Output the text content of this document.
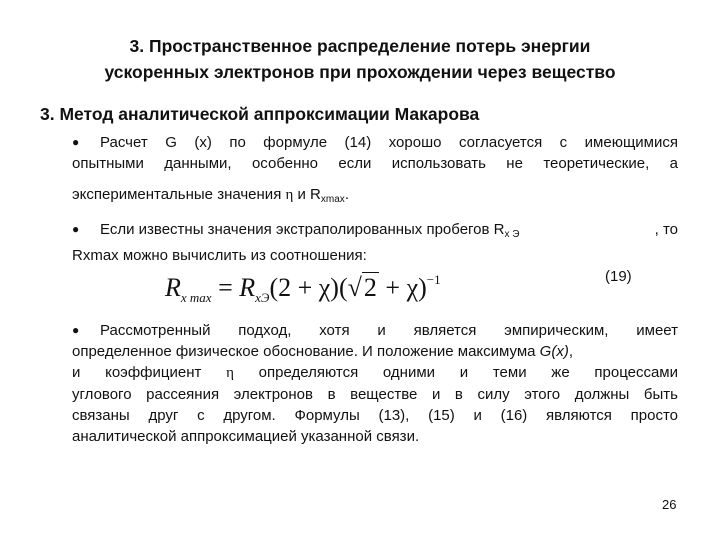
3. Пространственное распределение потерь энергии
ускоренных электронов при прохождении через вещество
3. Метод аналитической аппроксимации Макарова
● Расчет G (x) по формуле (14) хорошо согласуется с имеющимися
опытными данными, особенно если использовать не теоретические, а
экспериментальные значения η и $R_{xmax}$.
● Если известны значения экстраполированных пробегов $R_{x Э}$	, то
Rxmax можно вычислить из соотношения:
(19)
$R_{x max} = R_{xЭ}(2 + \chi)(√2 + \chi)^{-1}$
● Рассмотренный подход, хотя и является эмпирическим, имеет
определенное физическое обоснование. И положение максимума G(x),
и коэффициент η определяются одними и теми же процессами
углового рассеяния электронов в веществе и в силу этого должны быть
связаны друг с другом. Формулы (13), (15) и (16) являются просто
аналитической аппроксимацией указанной связи.
26
